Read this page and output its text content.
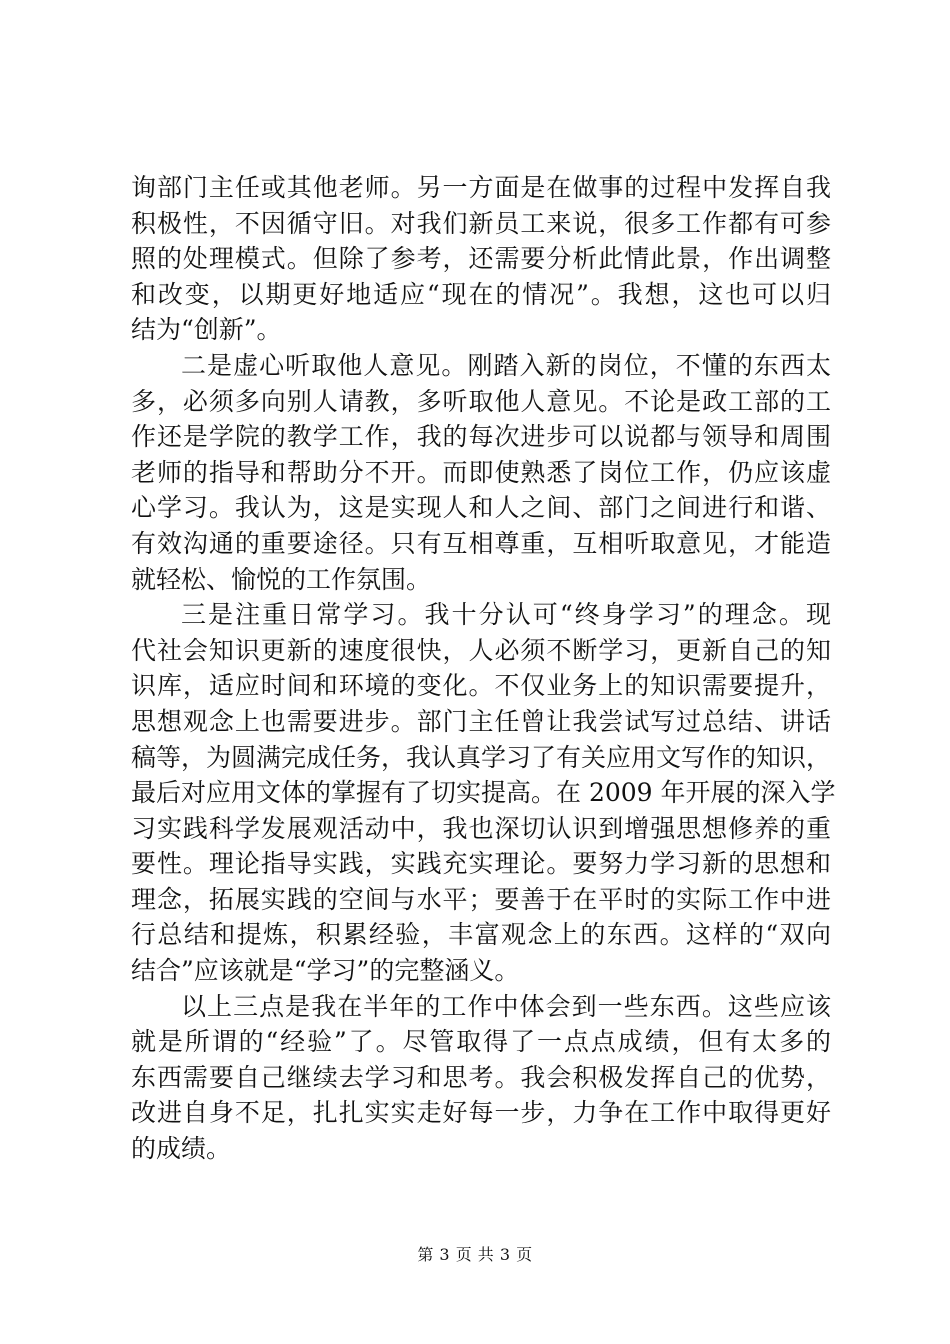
询部门主任或其他老师。另一方面是在做事的过程中发挥自我
积极性，不因循守旧。对我们新员工来说，很多工作都有可参
照的处理模式。但除了参考，还需要分析此情此景，作出调整
和改变，以期更好地适应“现在的情况”。我想，这也可以归
结为“创新”。
二是虚心听取他人意见。刚踏入新的岗位，不懂的东西太
多，必须多向别人请教，多听取他人意见。不论是政工部的工
作还是学院的教学工作，我的每次进步可以说都与领导和周围
老师的指导和帮助分不开。而即使熟悉了岗位工作，仍应该虚
心学习。我认为，这是实现人和人之间、部门之间进行和谐、
有效沟通的重要途径。只有互相尊重，互相听取意见，才能造
就轻松、愉悦的工作氛围。
三是注重日常学习。我十分认可“终身学习”的理念。现
代社会知识更新的速度很快，人必须不断学习，更新自己的知
识库，适应时间和环境的变化。不仅业务上的知识需要提升，
思想观念上也需要进步。部门主任曾让我尝试写过总结、讲话
稿等，为圆满完成任务，我认真学习了有关应用文写作的知识，
最后对应用文体的掌握有了切实提高。在 2009 年开展的深入学
习实践科学发展观活动中，我也深切认识到增强思想修养的重
要性。理论指导实践，实践充实理论。要努力学习新的思想和
理念，拓展实践的空间与水平；要善于在平时的实际工作中进
行总结和提炼，积累经验，丰富观念上的东西。这样的“双向
结合”应该就是“学习”的完整涵义。
以上三点是我在半年的工作中体会到一些东西。这些应该
就是所谓的“经验”了。尽管取得了一点点成绩，但有太多的
东西需要自己继续去学习和思考。我会积极发挥自己的优势，
改进自身不足，扎扎实实走好每一步，力争在工作中取得更好
的成绩。
第 3 页 共 3 页
